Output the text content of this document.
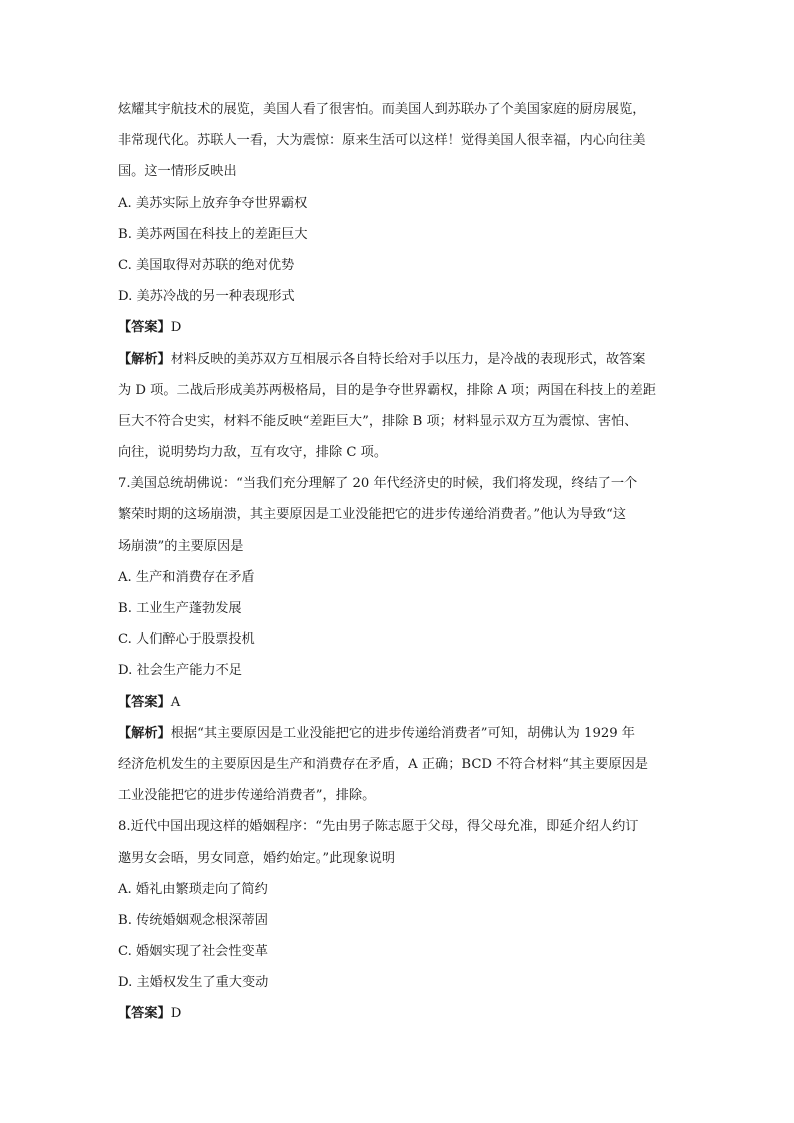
炫耀其宇航技术的展览，美国人看了很害怕。而美国人到苏联办了个美国家庭的厨房展览，
非常现代化。苏联人一看，大为震惊：原来生活可以这样！觉得美国人很幸福，内心向往美
国。这一情形反映出
A. 美苏实际上放弃争夺世界霸权
B. 美苏两国在科技上的差距巨大
C. 美国取得对苏联的绝对优势
D. 美苏冷战的另一种表现形式
【答案】D
【解析】材料反映的美苏双方互相展示各自特长给对手以压力，是冷战的表现形式，故答案
为 D 项。二战后形成美苏两极格局，目的是争夺世界霸权，排除 A 项；两国在科技上的差距
巨大不符合史实，材料不能反映“差距巨大”，排除 B 项；材料显示双方互为震惊、害怕、
向往，说明势均力敌，互有攻守，排除 C 项。
7.美国总统胡佛说：“当我们充分理解了 20 年代经济史的时候，我们将发现，终结了一个
繁荣时期的这场崩溃，其主要原因是工业没能把它的进步传递给消费者。”他认为导致“这
场崩溃”的主要原因是
A. 生产和消费存在矛盾
B. 工业生产蓬勃发展
C. 人们醉心于股票投机
D. 社会生产能力不足
【答案】A
【解析】根据“其主要原因是工业没能把它的进步传递给消费者”可知，胡佛认为 1929 年
经济危机发生的主要原因是生产和消费存在矛盾，A 正确；BCD 不符合材料“其主要原因是
工业没能把它的进步传递给消费者”，排除。
8.近代中国出现这样的婚姻程序：“先由男子陈志愿于父母，得父母允准，即延介绍人约订
邀男女会晤，男女同意，婚约始定。”此现象说明
A. 婚礼由繁琐走向了简约
B. 传统婚姻观念根深蒂固
C. 婚姻实现了社会性变革
D. 主婚权发生了重大变动
【答案】D
